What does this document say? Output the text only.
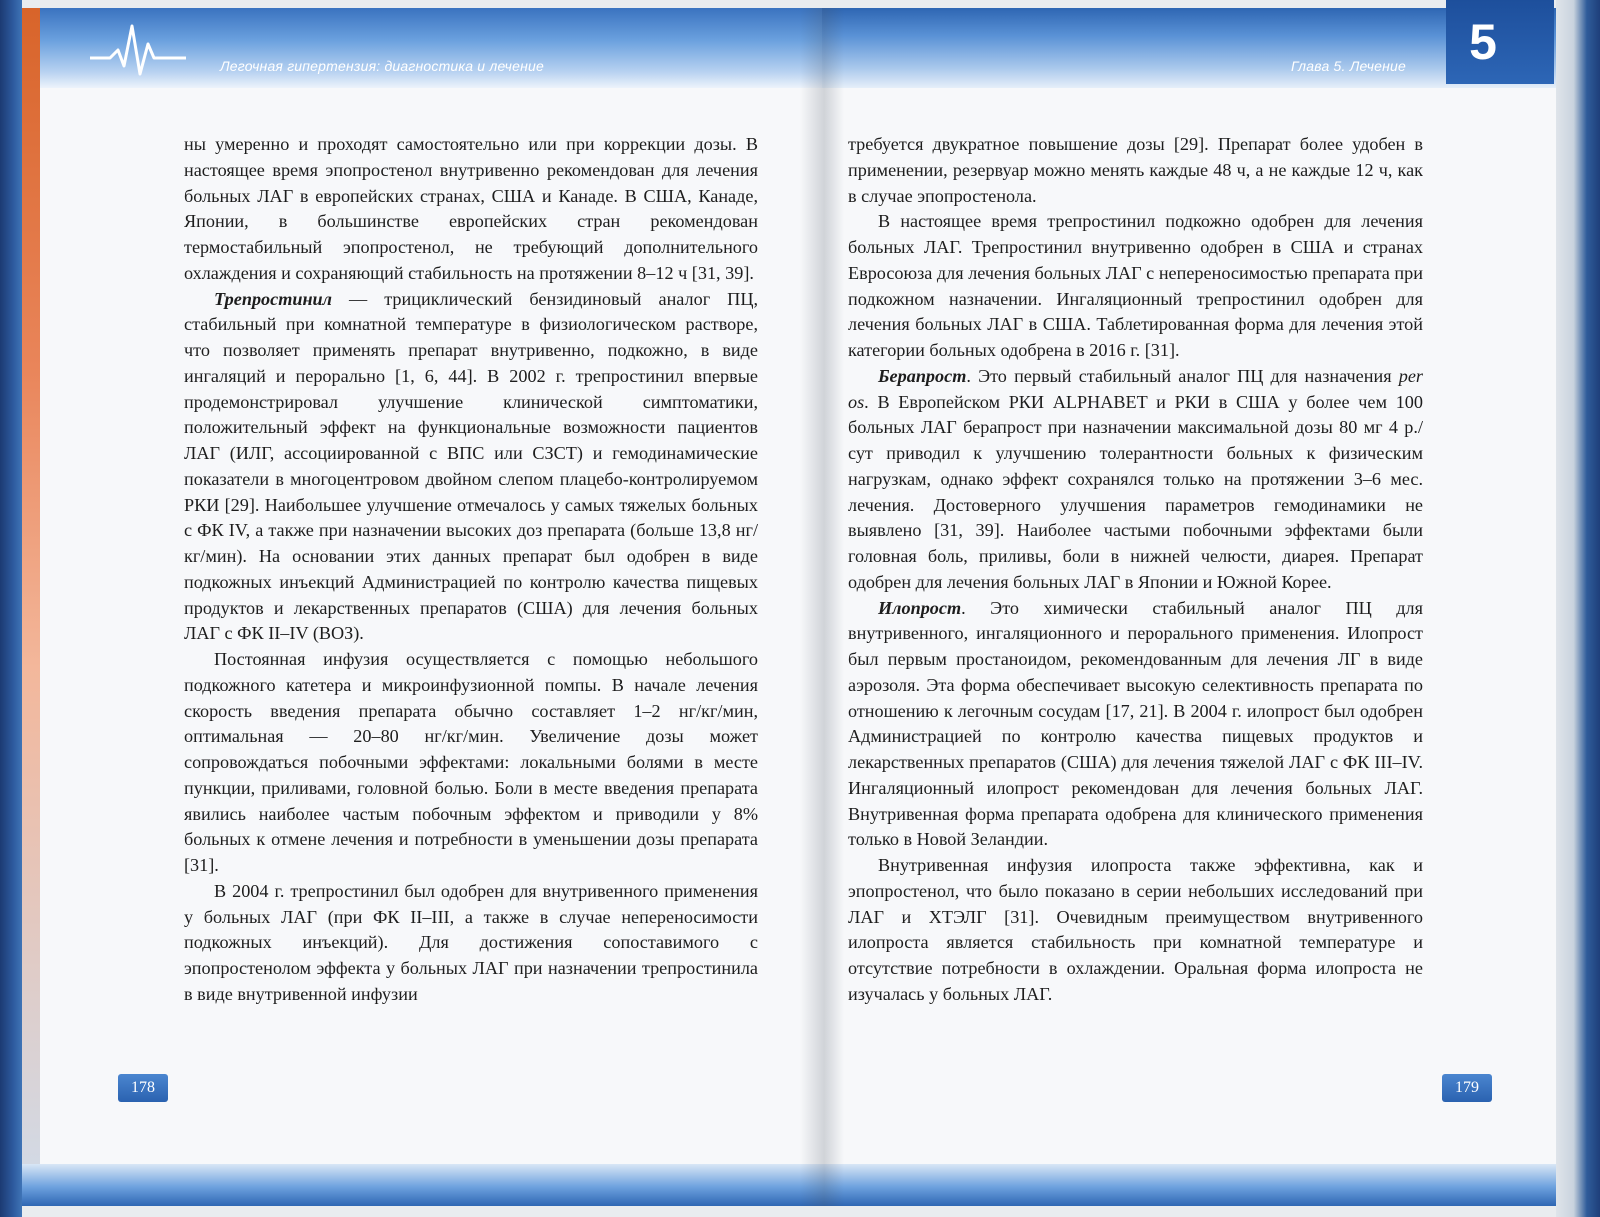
Легочная гипертензия: диагностика и лечение

ны умеренно и проходят самостоятельно или при коррекции дозы. В настоящее время эпопростенол внутривенно рекомендован для лечения больных ЛАГ в европейских странах, США и Канаде. В США, Канаде, Японии, в большинстве европейских стран рекомендован термостабильный эпопростенол, не требующий дополнительного охлаждения и сохраняющий стабильность на протяжении 8–12 ч [31, 39].

Трепростинил — трициклический бензидиновый аналог ПЦ, стабильный при комнатной температуре в физиологическом растворе, что позволяет применять препарат внутривенно, подкожно, в виде ингаляций и перорально [1, 6, 44]. В 2002 г. трепростинил впервые продемонстрировал улучшение клинической симптоматики, положительный эффект на функциональные возможности пациентов ЛАГ (ИЛГ, ассоциированной с ВПС или СЗСТ) и гемодинамические показатели в многоцентровом двойном слепом плацебо-контролируемом РКИ [29]. Наибольшее улучшение отмечалось у самых тяжелых больных с ФК IV, а также при назначении высоких доз препарата (больше 13,8 нг/кг/мин). На основании этих данных препарат был одобрен в виде подкожных инъекций Администрацией по контролю качества пищевых продуктов и лекарственных препаратов (США) для лечения больных ЛАГ с ФК II–IV (ВОЗ).

Постоянная инфузия осуществляется с помощью небольшого подкожного катетера и микроинфузионной помпы. В начале лечения скорость введения препарата обычно составляет 1–2 нг/кг/мин, оптимальная — 20–80 нг/кг/мин. Увеличение дозы может сопровождаться побочными эффектами: локальными болями в месте пункции, приливами, головной болью. Боли в месте введения препарата явились наиболее частым побочным эффектом и приводили у 8% больных к отмене лечения и потребности в уменьшении дозы препарата [31].

В 2004 г. трепростинил был одобрен для внутривенного применения у больных ЛАГ (при ФК II–III, а также в случае непереносимости подкожных инъекций). Для достижения сопоставимого с эпопростенолом эффекта у больных ЛАГ при назначении трепростинила в виде внутривенной инфузии

178
Глава 5. Лечение

требуется двукратное повышение дозы [29]. Препарат более удобен в применении, резервуар можно менять каждые 48 ч, а не каждые 12 ч, как в случае эпопростенола.

В настоящее время трепростинил подкожно одобрен для лечения больных ЛАГ. Трепростинил внутривенно одобрен в США и странах Евросоюза для лечения больных ЛАГ с непереносимостью препарата при подкожном назначении. Ингаляционный трепростинил одобрен для лечения больных ЛАГ в США. Таблетированная форма для лечения этой категории больных одобрена в 2016 г. [31].

Берапрост. Это первый стабильный аналог ПЦ для назначения per os. В Европейском РКИ ALPHABET и РКИ в США у более чем 100 больных ЛАГ берапрост при назначении максимальной дозы 80 мг 4 р./сут приводил к улучшению толерантности больных к физическим нагрузкам, однако эффект сохранялся только на протяжении 3–6 мес. лечения. Достоверного улучшения параметров гемодинамики не выявлено [31, 39]. Наиболее частыми побочными эффектами были головная боль, приливы, боли в нижней челюсти, диарея. Препарат одобрен для лечения больных ЛАГ в Японии и Южной Корее.

Илопрост. Это химически стабильный аналог ПЦ для внутривенного, ингаляционного и перорального применения. Илопрост был первым простаноидом, рекомендованным для лечения ЛГ в виде аэрозоля. Эта форма обеспечивает высокую селективность препарата по отношению к легочным сосудам [17, 21]. В 2004 г. илопрост был одобрен Администрацией по контролю качества пищевых продуктов и лекарственных препаратов (США) для лечения тяжелой ЛАГ с ФК III–IV. Ингаляционный илопрост рекомендован для лечения больных ЛАГ. Внутривенная форма препарата одобрена для клинического применения только в Новой Зеландии.

Внутривенная инфузия илопроста также эффективна, как и эпопростенол, что было показано в серии небольших исследований при ЛАГ и ХТЭЛГ [31]. Очевидным преимуществом внутривенного илопроста является стабильность при комнатной температуре и отсутствие потребности в охлаждении. Оральная форма илопроста не изучалась у больных ЛАГ.

179
5
